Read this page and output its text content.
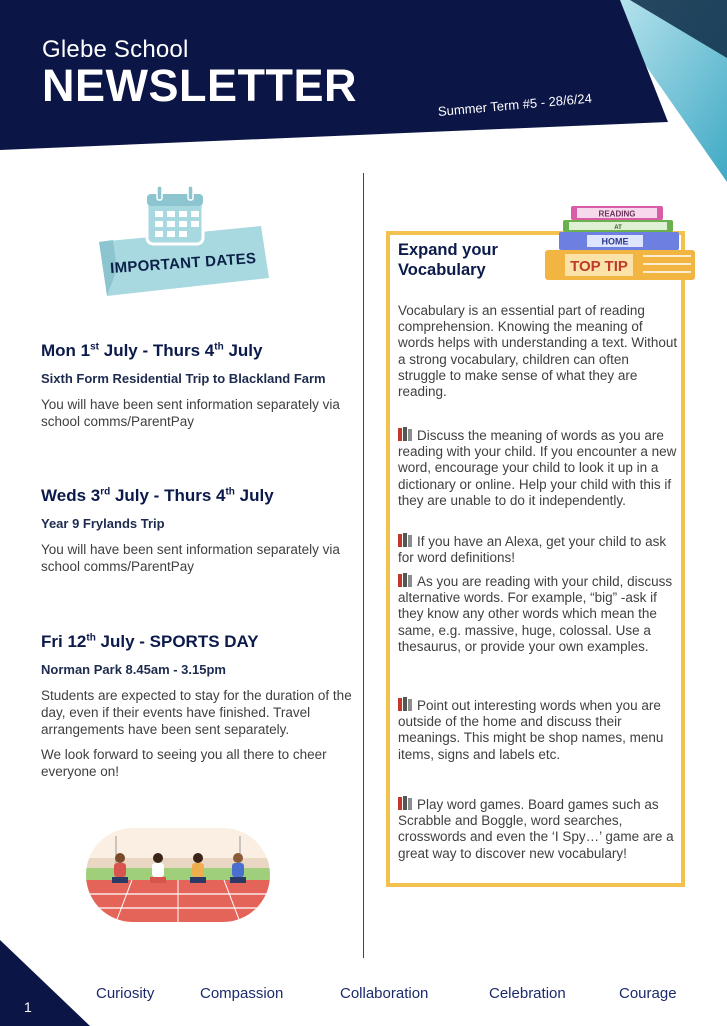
Glebe School
NEWSLETTER	Summer Term #5 - 28/6/24
IMPORTANT DATES
Mon 1st July - Thurs 4th July
Sixth Form Residential Trip to Blackland Farm
You will have been sent information separately via school comms/ParentPay
Weds 3rd July - Thurs 4th July
Year 9 Frylands Trip
You will have been sent information separately via school comms/ParentPay
Fri 12th July - SPORTS DAY
Norman Park 8.45am - 3.15pm
Students are expected to stay for the duration of the day, even if their events have finished. Travel arrangements have been sent separately.
We look forward to seeing you all there to cheer everyone on!
Expand your Vocabulary
READING
AT
HOME
TOP TIP
Vocabulary is an essential part of reading comprehension. Knowing the meaning of words helps with understanding a text. Without a strong vocabulary, children can often struggle to make sense of what they are reading.
Discuss the meaning of words as you are reading with your child. If you encounter a new word, encourage your child to look it up in a dictionary or online. Help your child with this if they are unable to do it independently.
If you have an Alexa, get your child to ask for word definitions!
As you are reading with your child, discuss alternative words. For example, “big” -ask if they know any other words which mean the same, e.g. massive, huge, colossal. Use a thesaurus, or provide your own examples.
Point out interesting words when you are outside of the home and discuss their meanings. This might be shop names, menu items, signs and labels etc.
Play word games. Board games such as Scrabble and Boggle, word searches, crosswords and even the ‘I Spy…’ game are a great way to discover new vocabulary!
1
Curiosity	Compassion	Collaboration	Celebration	Courage
